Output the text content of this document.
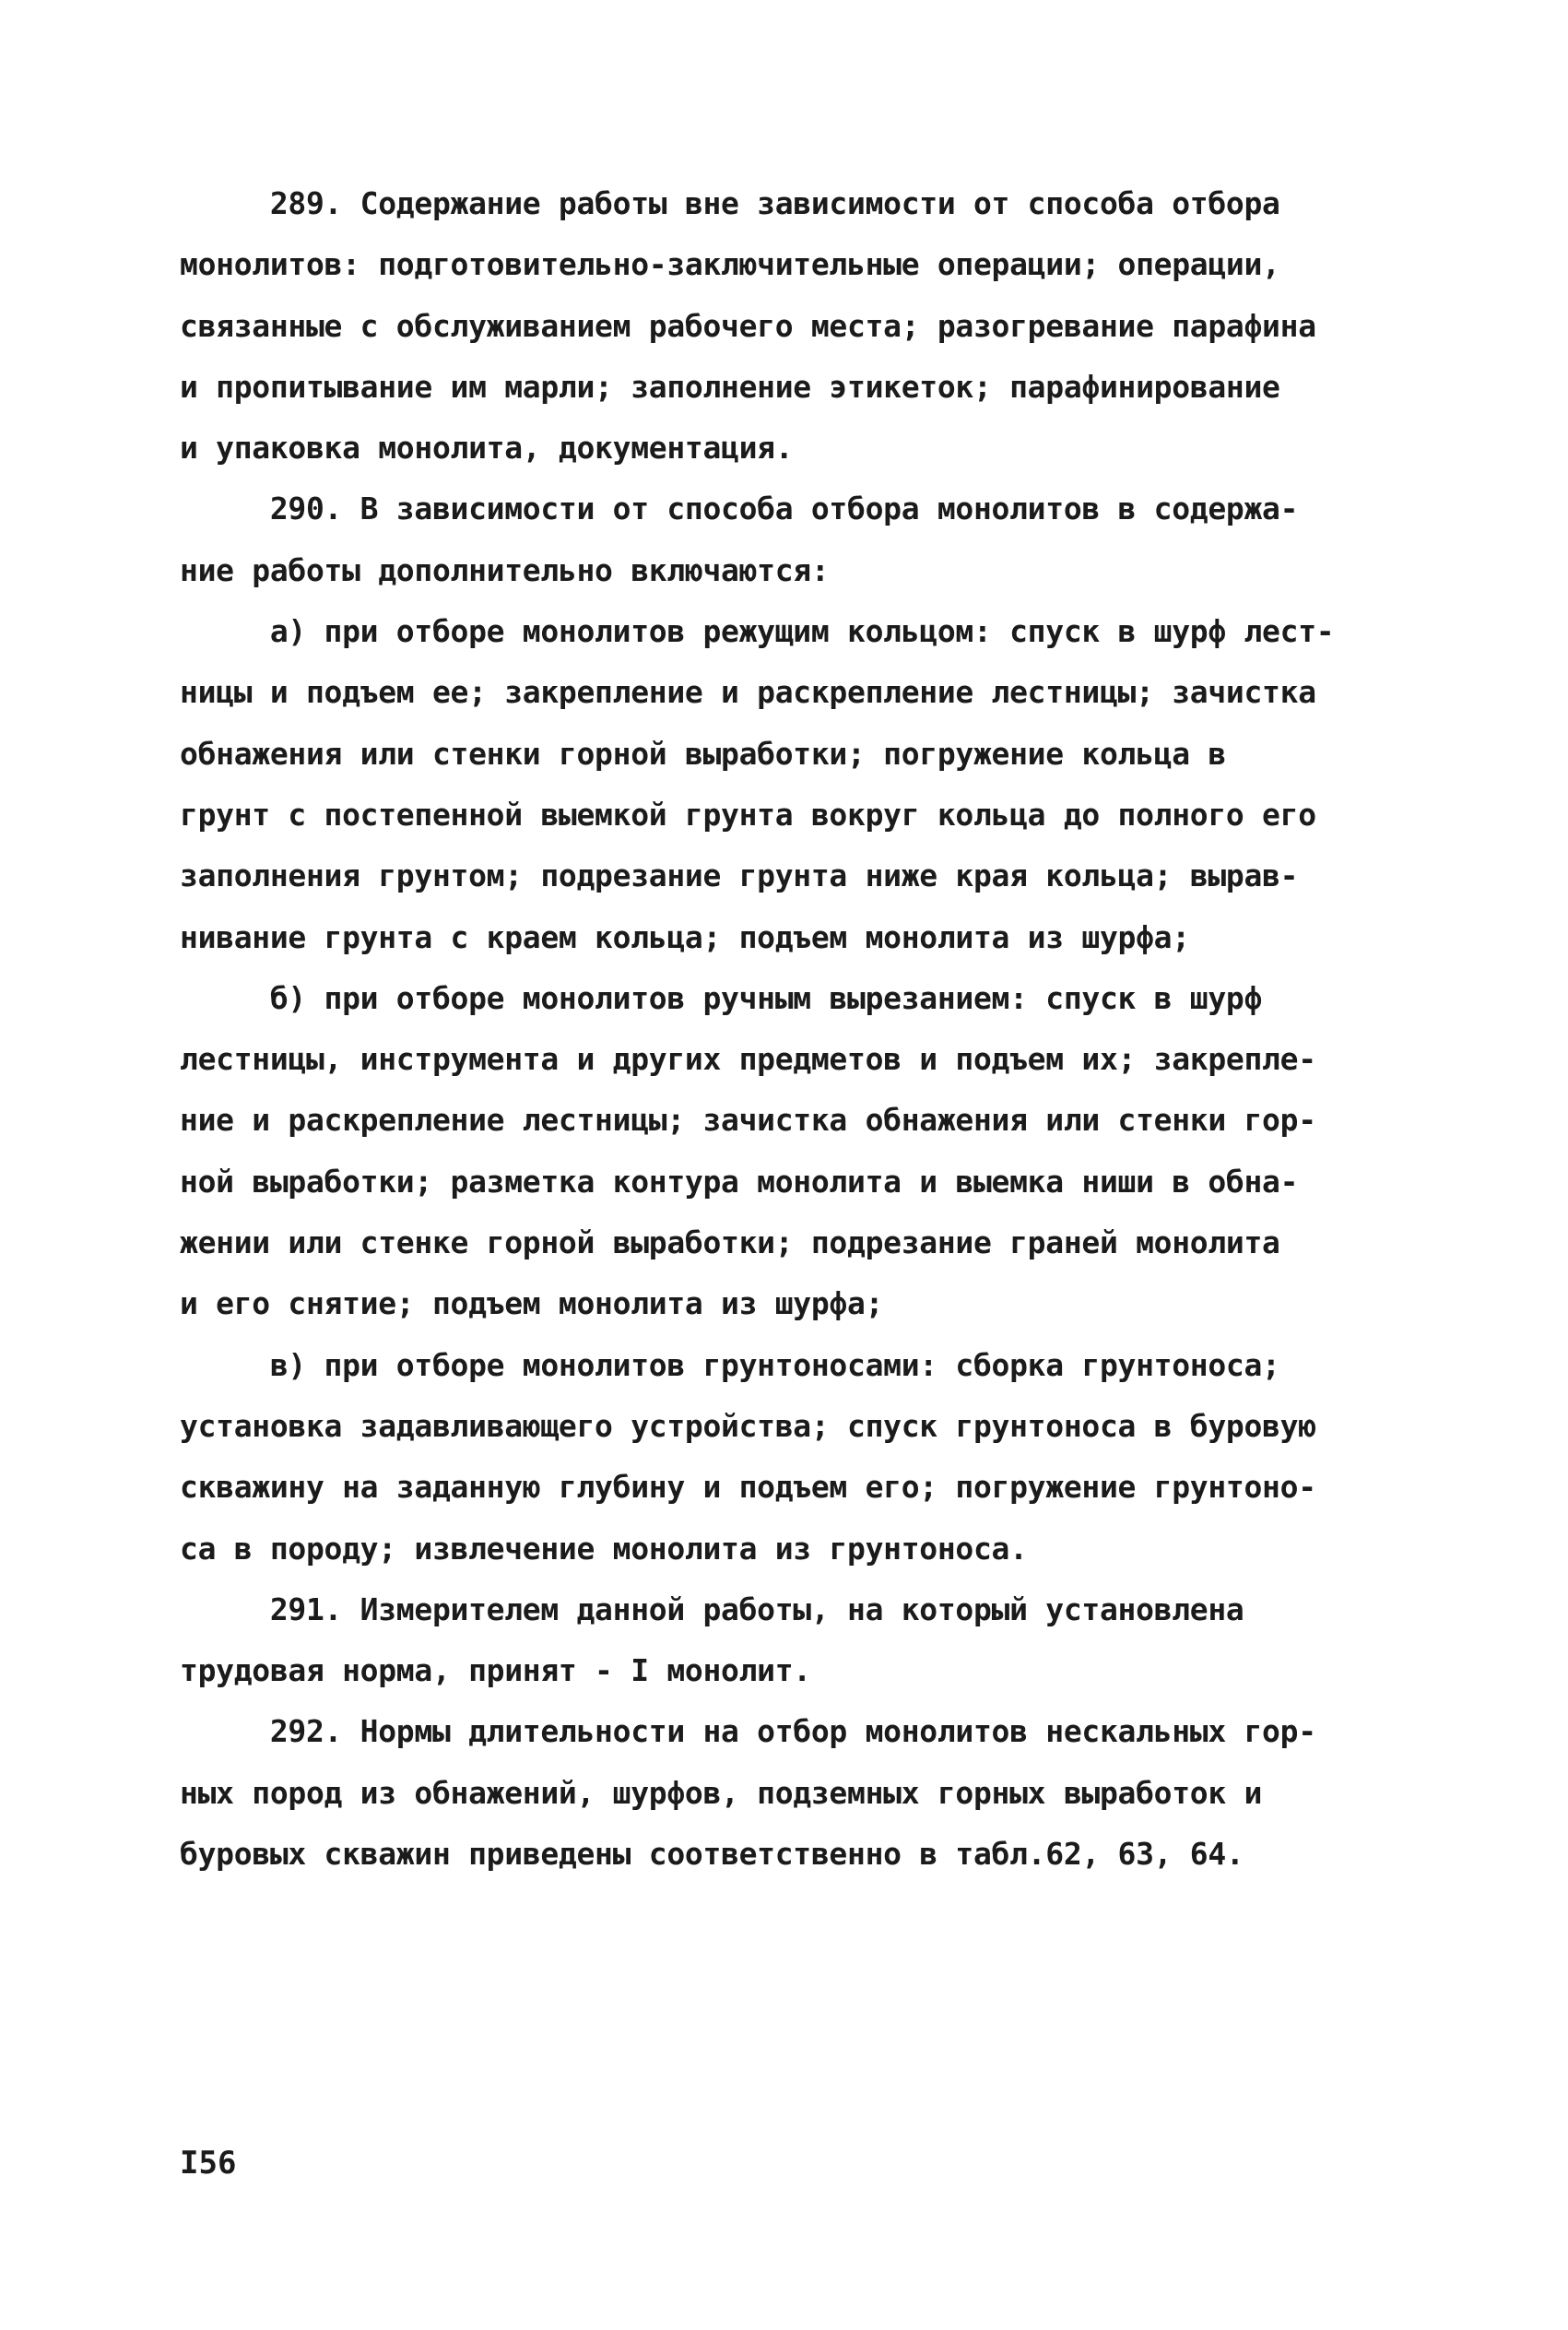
289. Содержание работы вне зависимости от способа отбора
монолитов: подготовительно-заключительные операции; операции,
связанные с обслуживанием рабочего места; разогревание парафина
и пропитывание им марли; заполнение этикеток; парафинирование
и упаковка монолита, документация.
290. В зависимости от способа отбора монолитов в содержа-
ние работы дополнительно включаются:
а) при отборе монолитов режущим кольцом: спуск в шурф лест-
ницы и подъем ее; закрепление и раскрепление лестницы; зачистка
обнажения или стенки горной выработки; погружение кольца в
грунт с постепенной выемкой грунта вокруг кольца до полного его
заполнения грунтом; подрезание грунта ниже края кольца; вырав-
нивание грунта с краем кольца; подъем монолита из шурфа;
б) при отборе монолитов ручным вырезанием: спуск в шурф
лестницы, инструмента и других предметов и подъем их; закрепле-
ние и раскрепление лестницы; зачистка обнажения или стенки гор-
ной выработки; разметка контура монолита и выемка ниши в обна-
жении или стенке горной выработки; подрезание граней монолита
и его снятие; подъем монолита из шурфа;
в) при отборе монолитов грунтоносами: сборка грунтоноса;
установка задавливающего устройства; спуск грунтоноса в буровую
скважину на заданную глубину и подъем его; погружение грунтоно-
са в породу; извлечение монолита из грунтоноса.
291. Измерителем данной работы, на который установлена
трудовая норма, принят - I монолит.
292. Нормы длительности на отбор монолитов нескальных гор-
ных пород из обнажений, шурфов, подземных горных выработок и
буровых скважин приведены соответственно в табл.62, 63, 64.
I56
